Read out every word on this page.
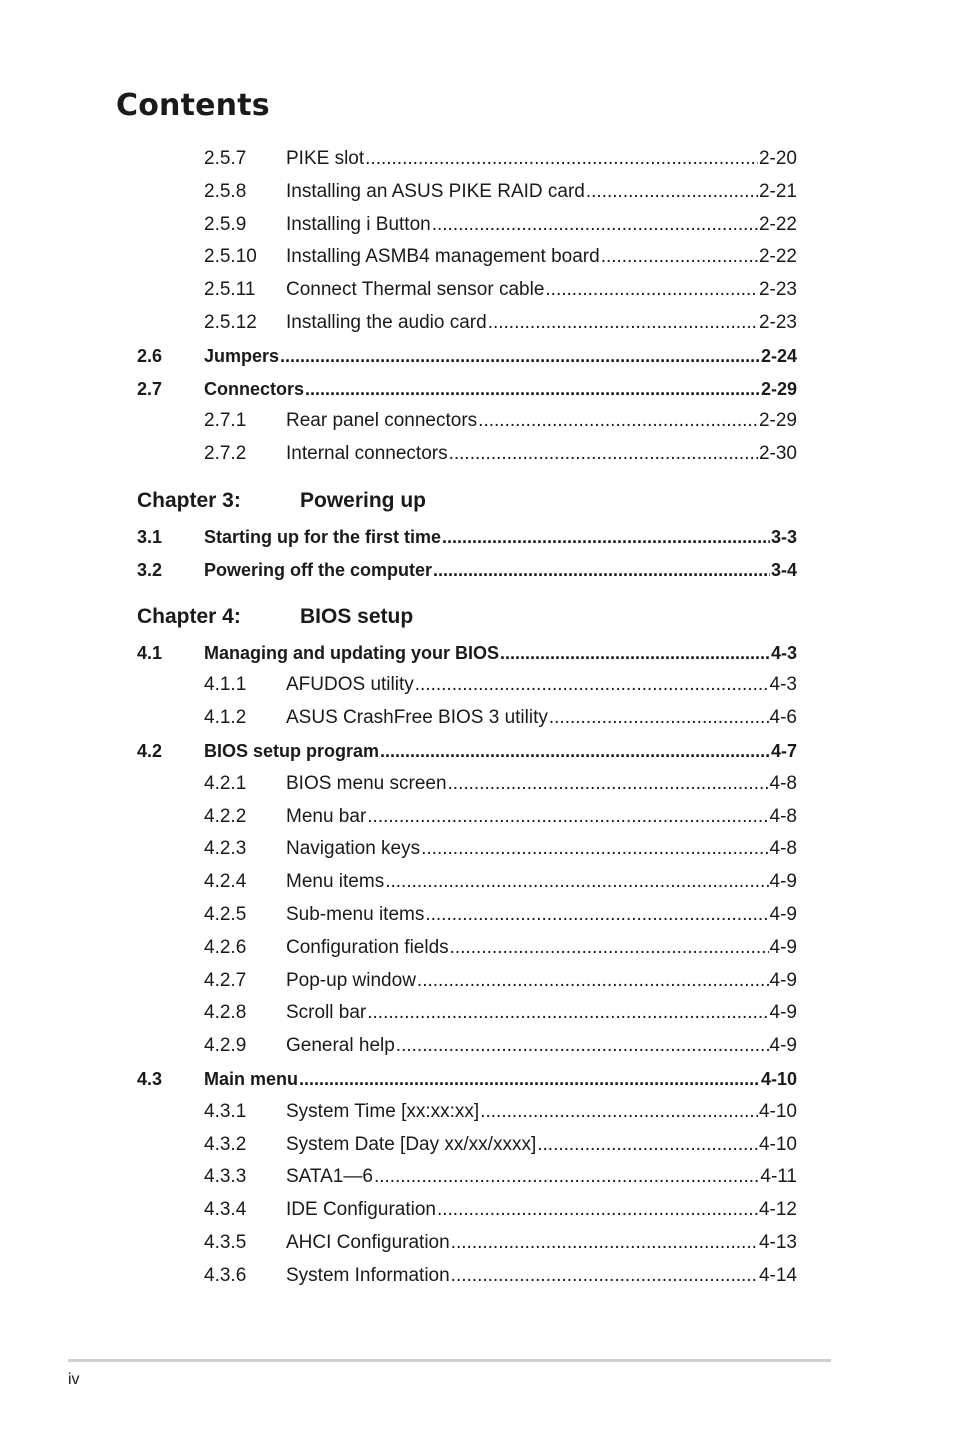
Contents
2.5.7 PIKE slot .....	2-20
2.5.8 Installing an ASUS PIKE RAID card .....	2-21
2.5.9 Installing i Button .....	2-22
2.5.10 Installing ASMB4 management board .....	2-22
2.5.11 Connect Thermal sensor cable .....	2-23
2.5.12 Installing the audio card .....	2-23
2.6 Jumpers .....	2-24
2.7 Connectors .....	2-29
2.7.1 Rear panel connectors .....	2-29
2.7.2 Internal connectors .....	2-30
Chapter 3:	Powering up
3.1 Starting up for the first time .....	3-3
3.2 Powering off the computer .....	3-4
Chapter 4:	BIOS setup
4.1 Managing and updating your BIOS .....	4-3
4.1.1 AFUDOS utility .....	4-3
4.1.2 ASUS CrashFree BIOS 3 utility .....	4-6
4.2 BIOS setup program .....	4-7
4.2.1 BIOS menu screen .....	4-8
4.2.2 Menu bar .....	4-8
4.2.3 Navigation keys .....	4-8
4.2.4 Menu items .....	4-9
4.2.5 Sub-menu items .....	4-9
4.2.6 Configuration fields .....	4-9
4.2.7 Pop-up window .....	4-9
4.2.8 Scroll bar .....	4-9
4.2.9 General help .....	4-9
4.3 Main menu .....	4-10
4.3.1 System Time [xx:xx:xx] .....	4-10
4.3.2 System Date [Day xx/xx/xxxx] .....	4-10
4.3.3 SATA1—6 .....	4-11
4.3.4 IDE Configuration .....	4-12
4.3.5 AHCI Configuration .....	4-13
4.3.6 System Information .....	4-14
iv
